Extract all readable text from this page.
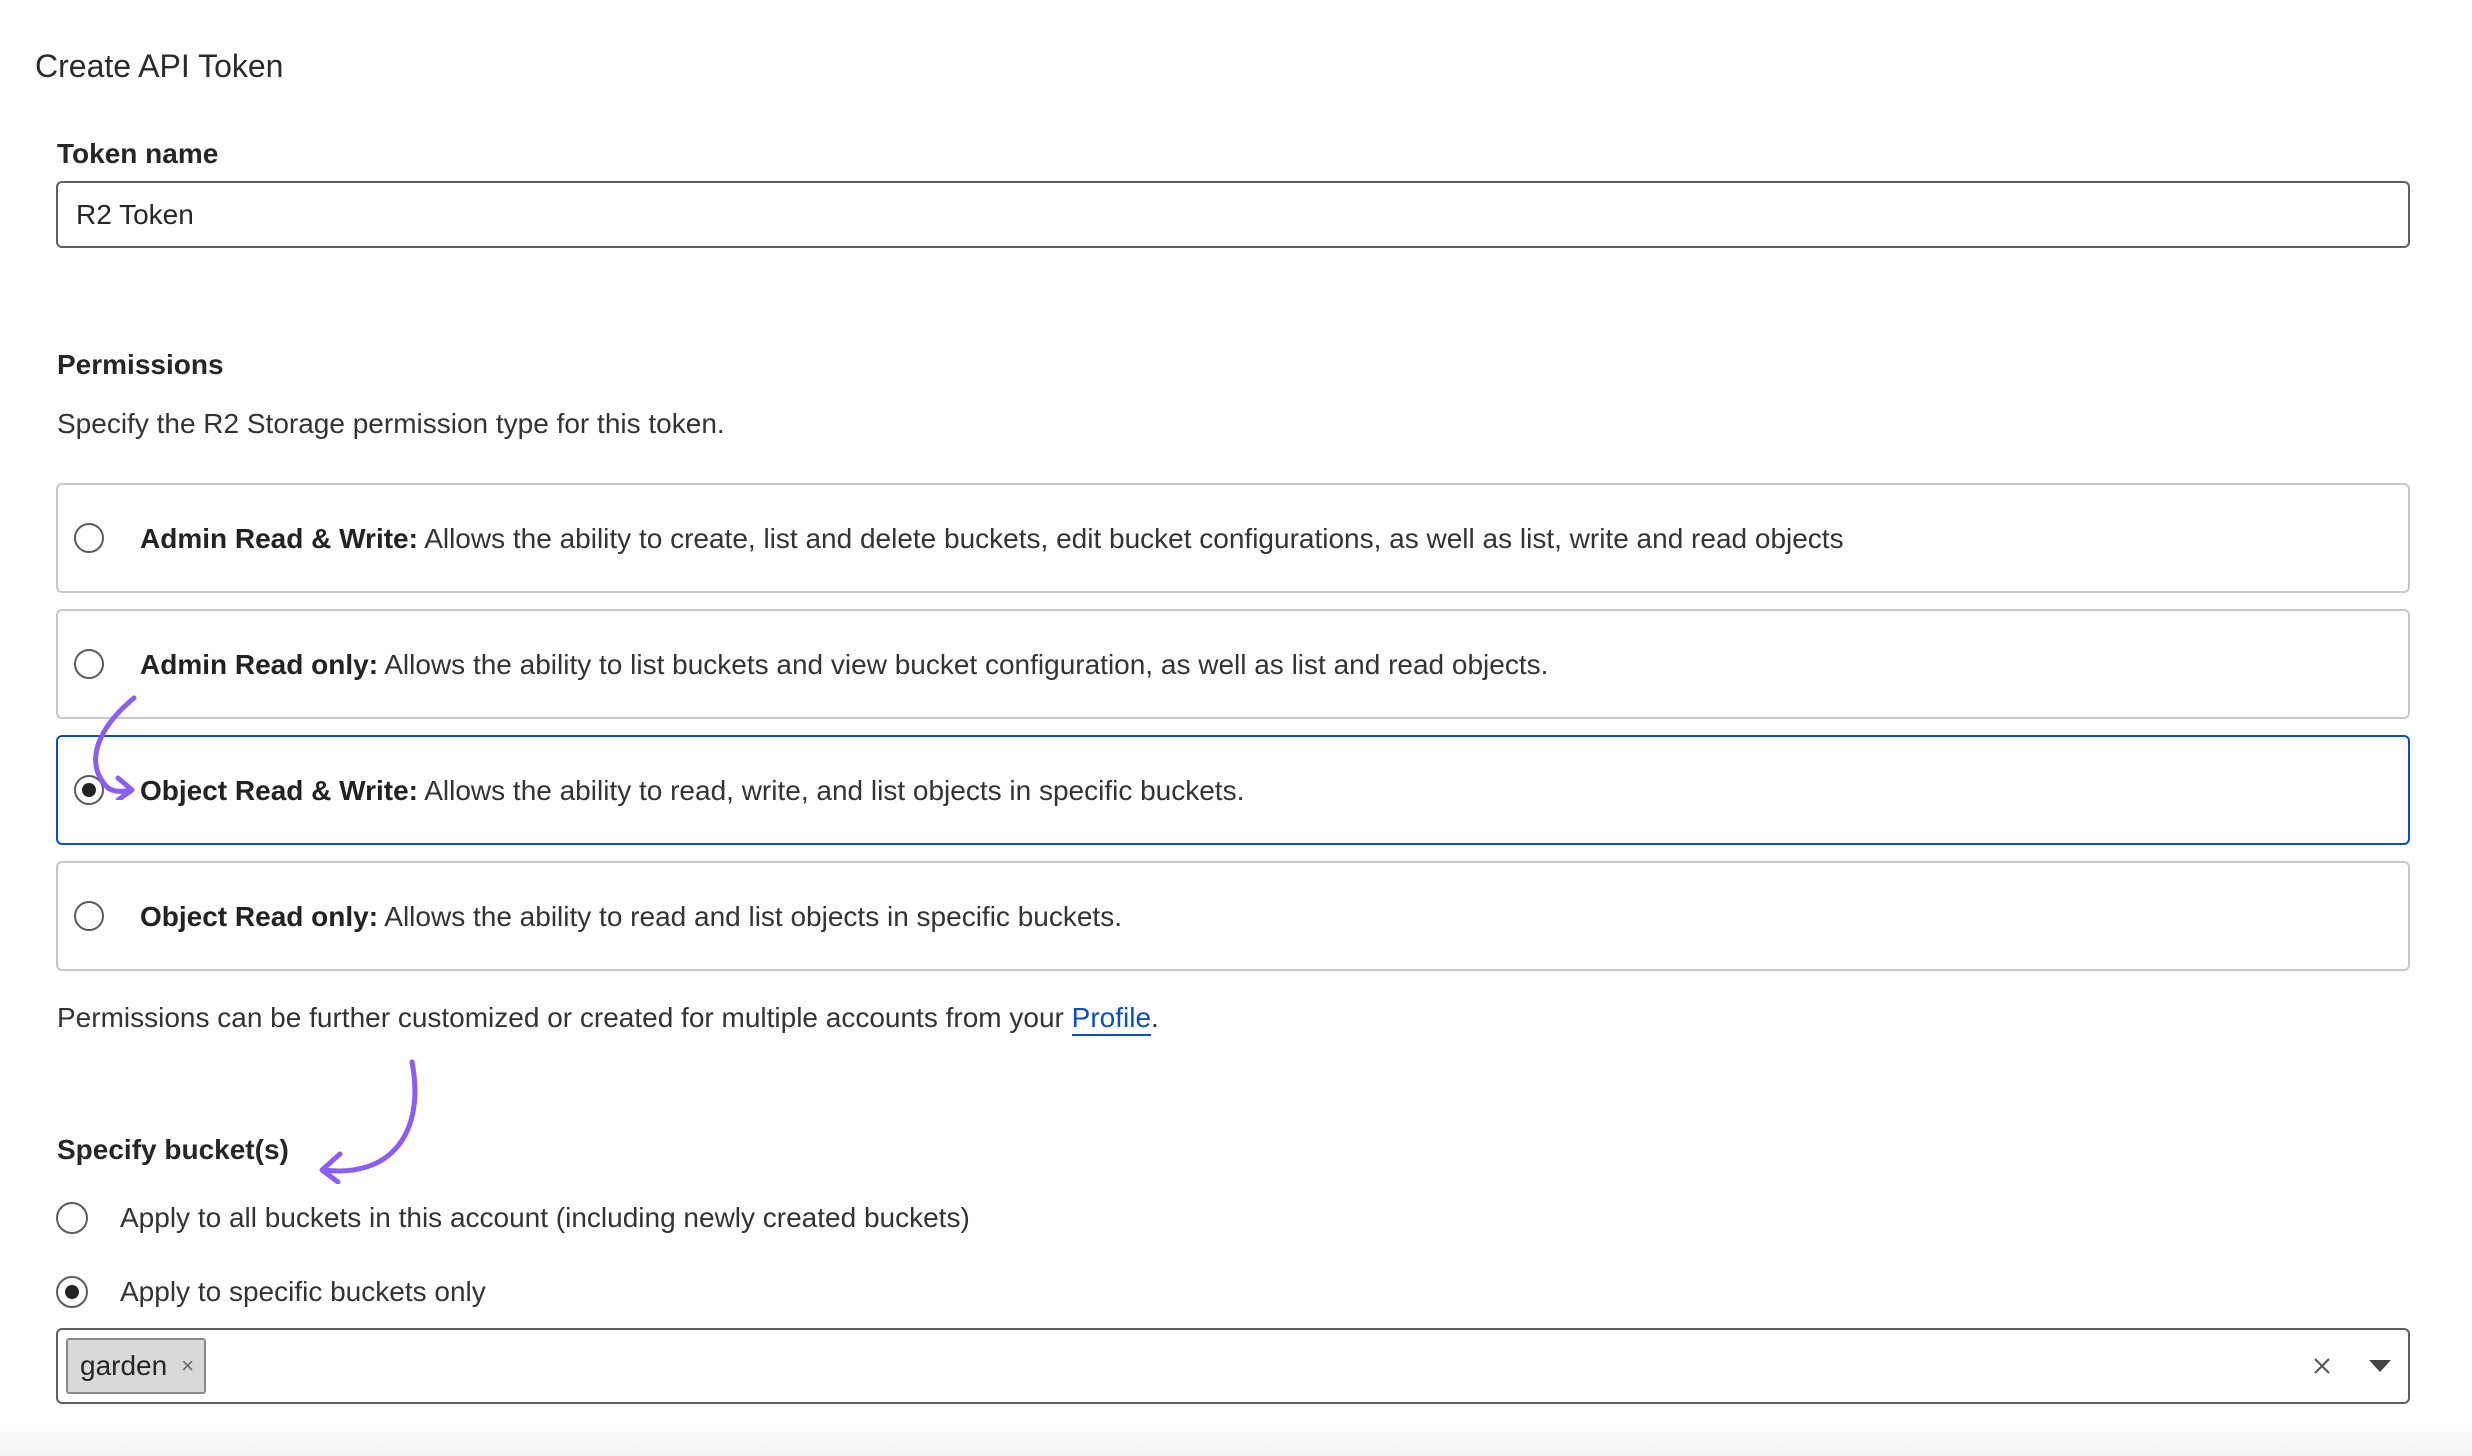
Create API Token
Token name
R2 Token
Permissions
Specify the R2 Storage permission type for this token.
Admin Read & Write: Allows the ability to create, list and delete buckets, edit bucket configurations, as well as list, write and read objects
Admin Read only: Allows the ability to list buckets and view bucket configuration, as well as list and read objects.
Object Read & Write: Allows the ability to read, write, and list objects in specific buckets.
Object Read only: Allows the ability to read and list objects in specific buckets.
Permissions can be further customized or created for multiple accounts from your Profile.
Specify bucket(s)
Apply to all buckets in this account (including newly created buckets)
Apply to specific buckets only
garden ×
